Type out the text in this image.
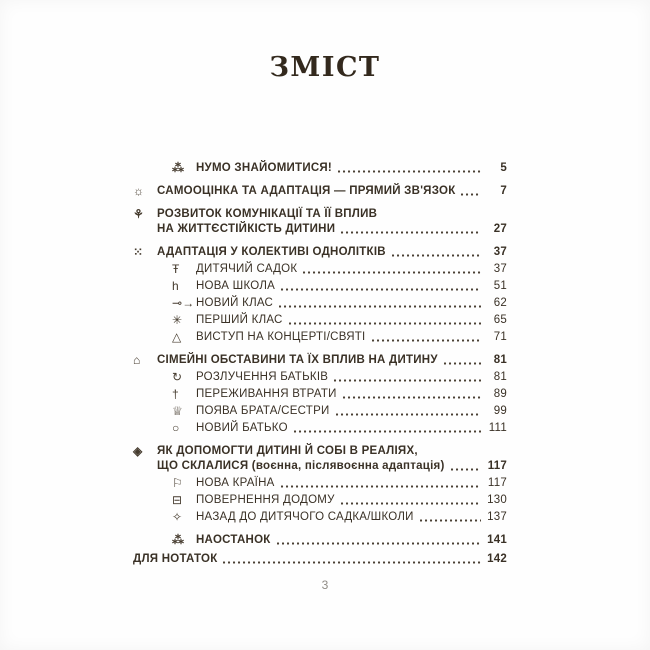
ЗМІСТ
⁂	НУМО ЗНАЙОМИТИСЯ!	5
☼	САМООЦІНКА ТА АДАПТАЦІЯ — ПРЯМИЙ ЗВ'ЯЗОК	7
⚘	РОЗВИТОК КОМУНІКАЦІЇ ТА ЇЇ ВПЛИВ
НА ЖИТТЄСТІЙКІСТЬ ДИТИНИ	27
⁙	АДАПТАЦІЯ У КОЛЕКТИВІ ОДНОЛІТКІВ	37
Ŧ	ДИТЯЧИЙ САДОК	37
h	НОВА ШКОЛА	51
⊸→ НОВИЙ КЛАС	62
✳	ПЕРШИЙ КЛАС	65
△	ВИСТУП НА КОНЦЕРТІ/СВЯТІ	71
⌂	СІМЕЙНІ ОБСТАВИНИ ТА ЇХ ВПЛИВ НА ДИТИНУ	81
↻	РОЗЛУЧЕННЯ БАТЬКІВ	81
†	ПЕРЕЖИВАННЯ ВТРАТИ	89
♕	ПОЯВА БРАТА/СЕСТРИ	99
○	НОВИЙ БАТЬКО	111
◈	ЯК ДОПОМОГТИ ДИТИНІ Й СОБІ В РЕАЛІЯХ,
ЩО СКЛАЛИСЯ (воєнна, післявоєнна адаптація)	117
⚐	НОВА КРАЇНА	117
⊟	ПОВЕРНЕННЯ ДОДОМУ	130
✧	НАЗАД ДО ДИТЯЧОГО САДКА/ШКОЛИ	137
⁂	НАОСТАНОК	141
ДЛЯ НОТАТОК	142
3
